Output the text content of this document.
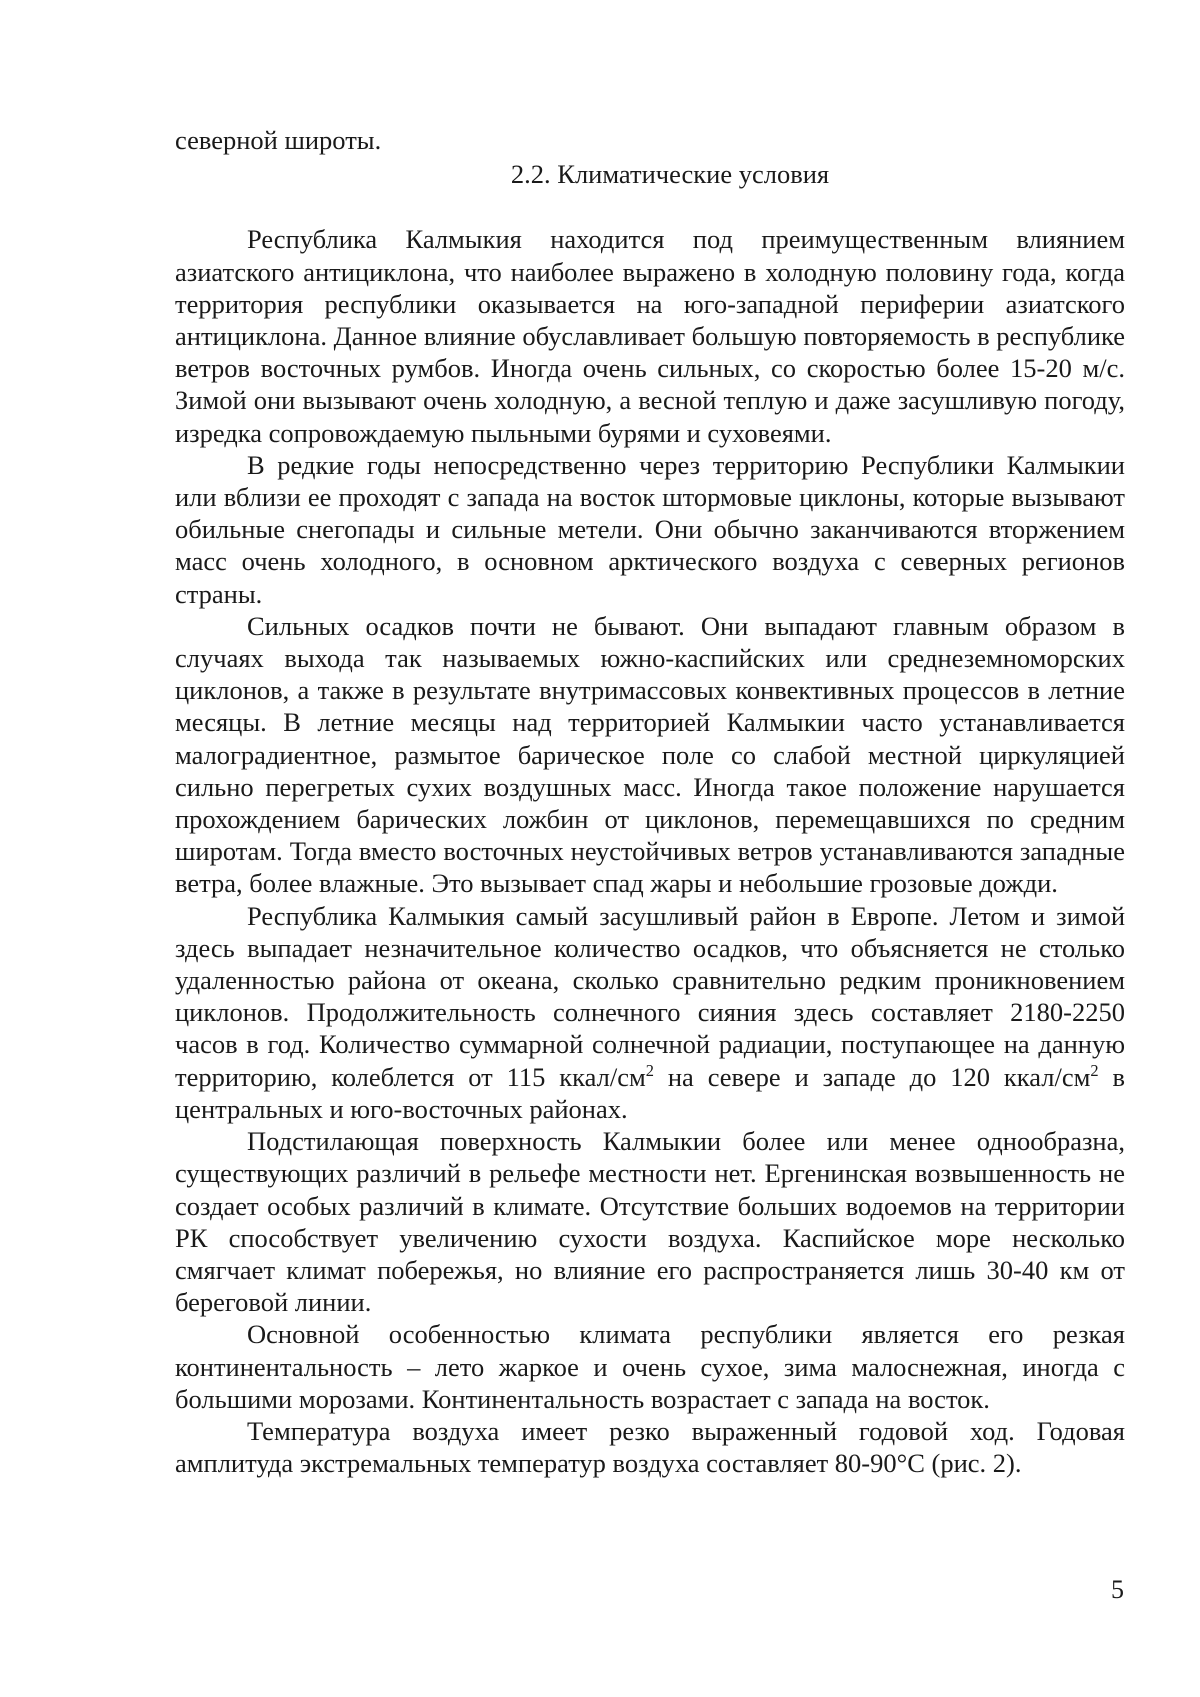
северной широты.

2.2. Климатические условия

Республика Калмыкия находится под преимущественным влиянием азиатского антициклона, что наиболее выражено в холодную половину года, когда территория республики оказывается на юго-западной периферии азиатского антициклона. Данное влияние обуславливает большую повторяемость в республике ветров восточных румбов. Иногда очень сильных, со скоростью более 15-20 м/с. Зимой они вызывают очень холодную, а весной теплую и даже засушливую погоду, изредка сопровождаемую пыльными бурями и суховеями.

В редкие годы непосредственно через территорию Республики Калмыкии или вблизи ее проходят с запада на восток штормовые циклоны, которые вызывают обильные снегопады и сильные метели. Они обычно заканчиваются вторжением масс очень холодного, в основном арктического воздуха с северных регионов страны.

Сильных осадков почти не бывают. Они выпадают главным образом в случаях выхода так называемых южно-каспийских или среднеземноморских циклонов, а также в результате внутримассовых конвективных процессов в летние месяцы. В летние месяцы над территорией Калмыкии часто устанавливается малоградиентное, размытое барическое поле со слабой местной циркуляцией сильно перегретых сухих воздушных масс. Иногда такое положение нарушается прохождением барических ложбин от циклонов, перемещавшихся по средним широтам. Тогда вместо восточных неустойчивых ветров устанавливаются западные ветра, более влажные. Это вызывает спад жары и небольшие грозовые дожди.

Республика Калмыкия самый засушливый район в Европе. Летом и зимой здесь выпадает незначительное количество осадков, что объясняется не столько удаленностью района от океана, сколько сравнительно редким проникновением циклонов. Продолжительность солнечного сияния здесь составляет 2180-2250 часов в год. Количество суммарной солнечной радиации, поступающее на данную территорию, колеблется от 115 ккал/$см^2$ на севере и западе до 120 ккал/$см^2$ в центральных и юго-восточных районах.

Подстилающая поверхность Калмыкии более или менее однообразна, существующих различий в рельефе местности нет. Ергенинская возвышенность не создает особых различий в климате. Отсутствие больших водоемов на территории РК способствует увеличению сухости воздуха. Каспийское море несколько смягчает климат побережья, но влияние его распространяется лишь 30-40 км от береговой линии.

Основной особенностью климата республики является его резкая континентальность – лето жаркое и очень сухое, зима малоснежная, иногда с большими морозами. Континентальность возрастает с запада на восток.

Температура воздуха имеет резко выраженный годовой ход. Годовая амплитуда экстремальных температур воздуха составляет 80-90°С (рис. 2).

5
